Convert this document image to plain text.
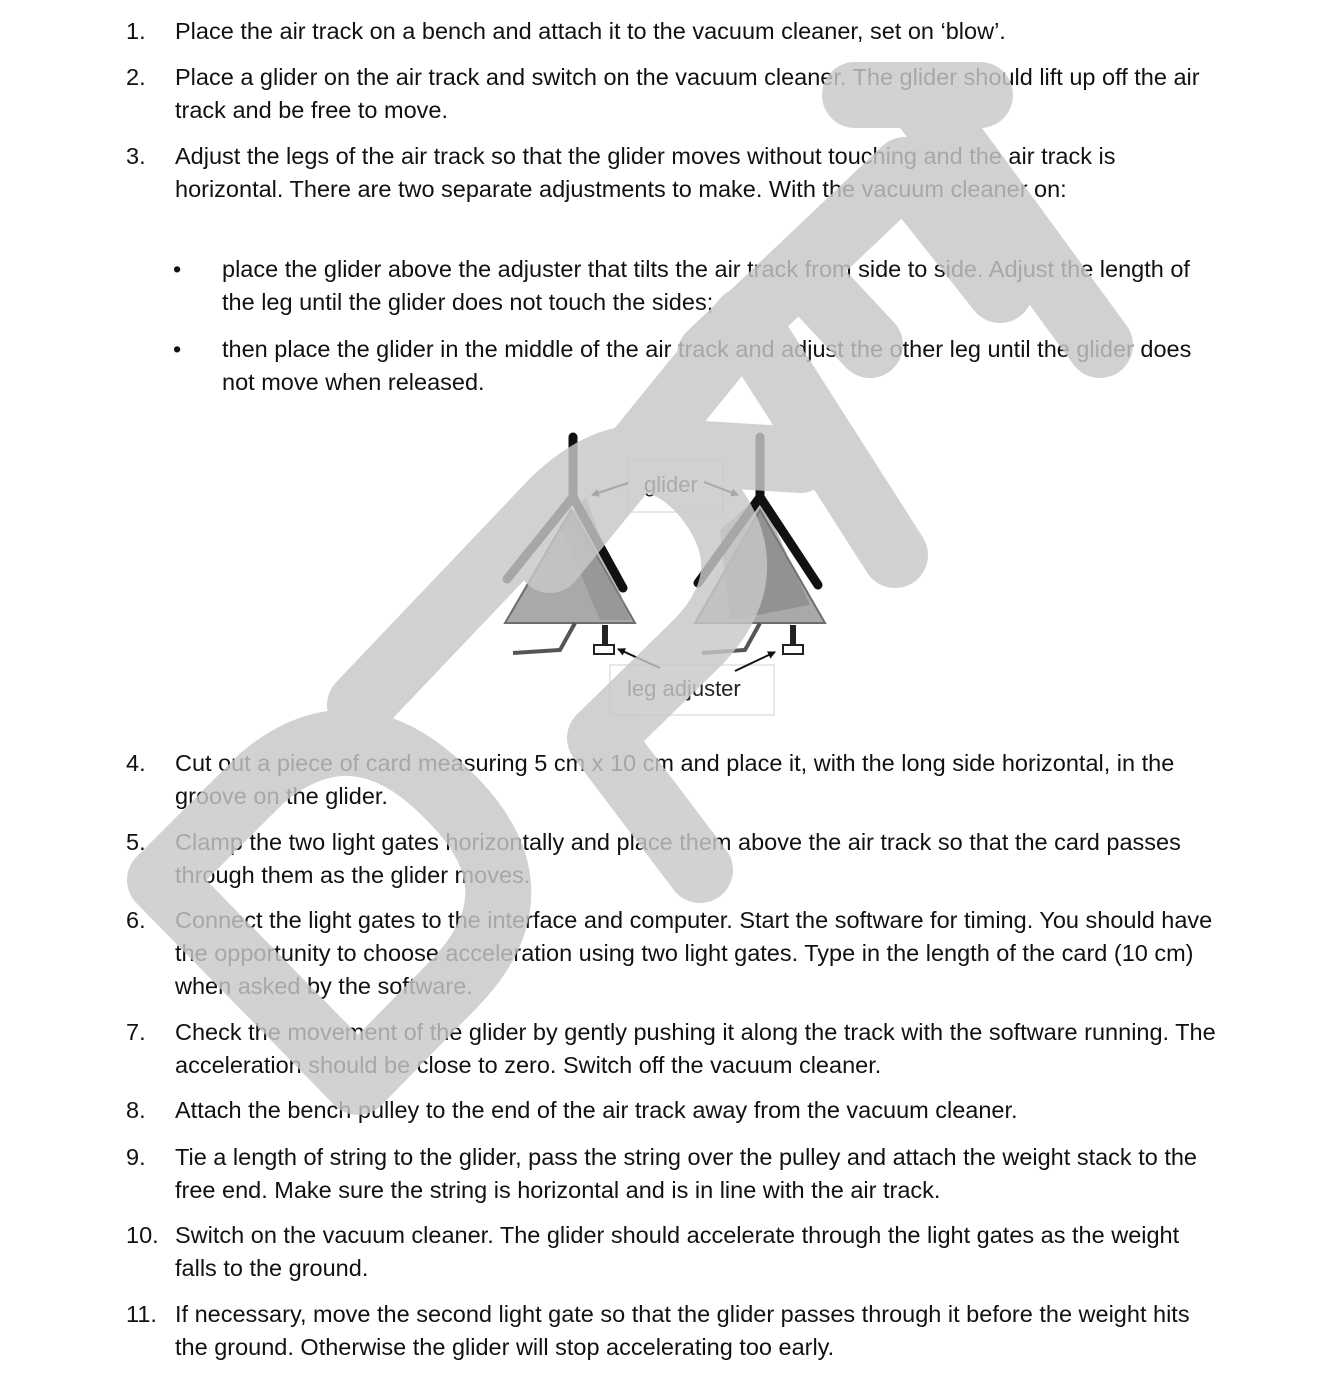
1. Place the air track on a bench and attach it to the vacuum cleaner, set on ‘blow’.
2. Place a glider on the air track and switch on the vacuum cleaner. The glider should lift up off the air track and be free to move.
3. Adjust the legs of the air track so that the glider moves without touching and the air track is horizontal. There are two separate adjustments to make. With the vacuum cleaner on:
• place the glider above the adjuster that tilts the air track from side to side. Adjust the length of the leg until the glider does not touch the sides;
• then place the glider in the middle of the air track and adjust the other leg until the glider does not move when released.
glider
leg adjuster
4. Cut out a piece of card measuring 5 cm x 10 cm and place it, with the long side horizontal, in the groove on the glider.
5. Clamp the two light gates horizontally and place them above the air track so that the card passes through them as the glider moves.
6. Connect the light gates to the interface and computer. Start the software for timing. You should have the opportunity to choose acceleration using two light gates. Type in the length of the card (10 cm) when asked by the software.
7. Check the movement of the glider by gently pushing it along the track with the software running. The acceleration should be close to zero. Switch off the vacuum cleaner.
8. Attach the bench pulley to the end of the air track away from the vacuum cleaner.
9. Tie a length of string to the glider, pass the string over the pulley and attach the weight stack to the free end. Make sure the string is horizontal and is in line with the air track.
10. Switch on the vacuum cleaner. The glider should accelerate through the light gates as the weight falls to the ground.
11. If necessary, move the second light gate so that the glider passes through it before the weight hits the ground. Otherwise the glider will stop accelerating too early.
